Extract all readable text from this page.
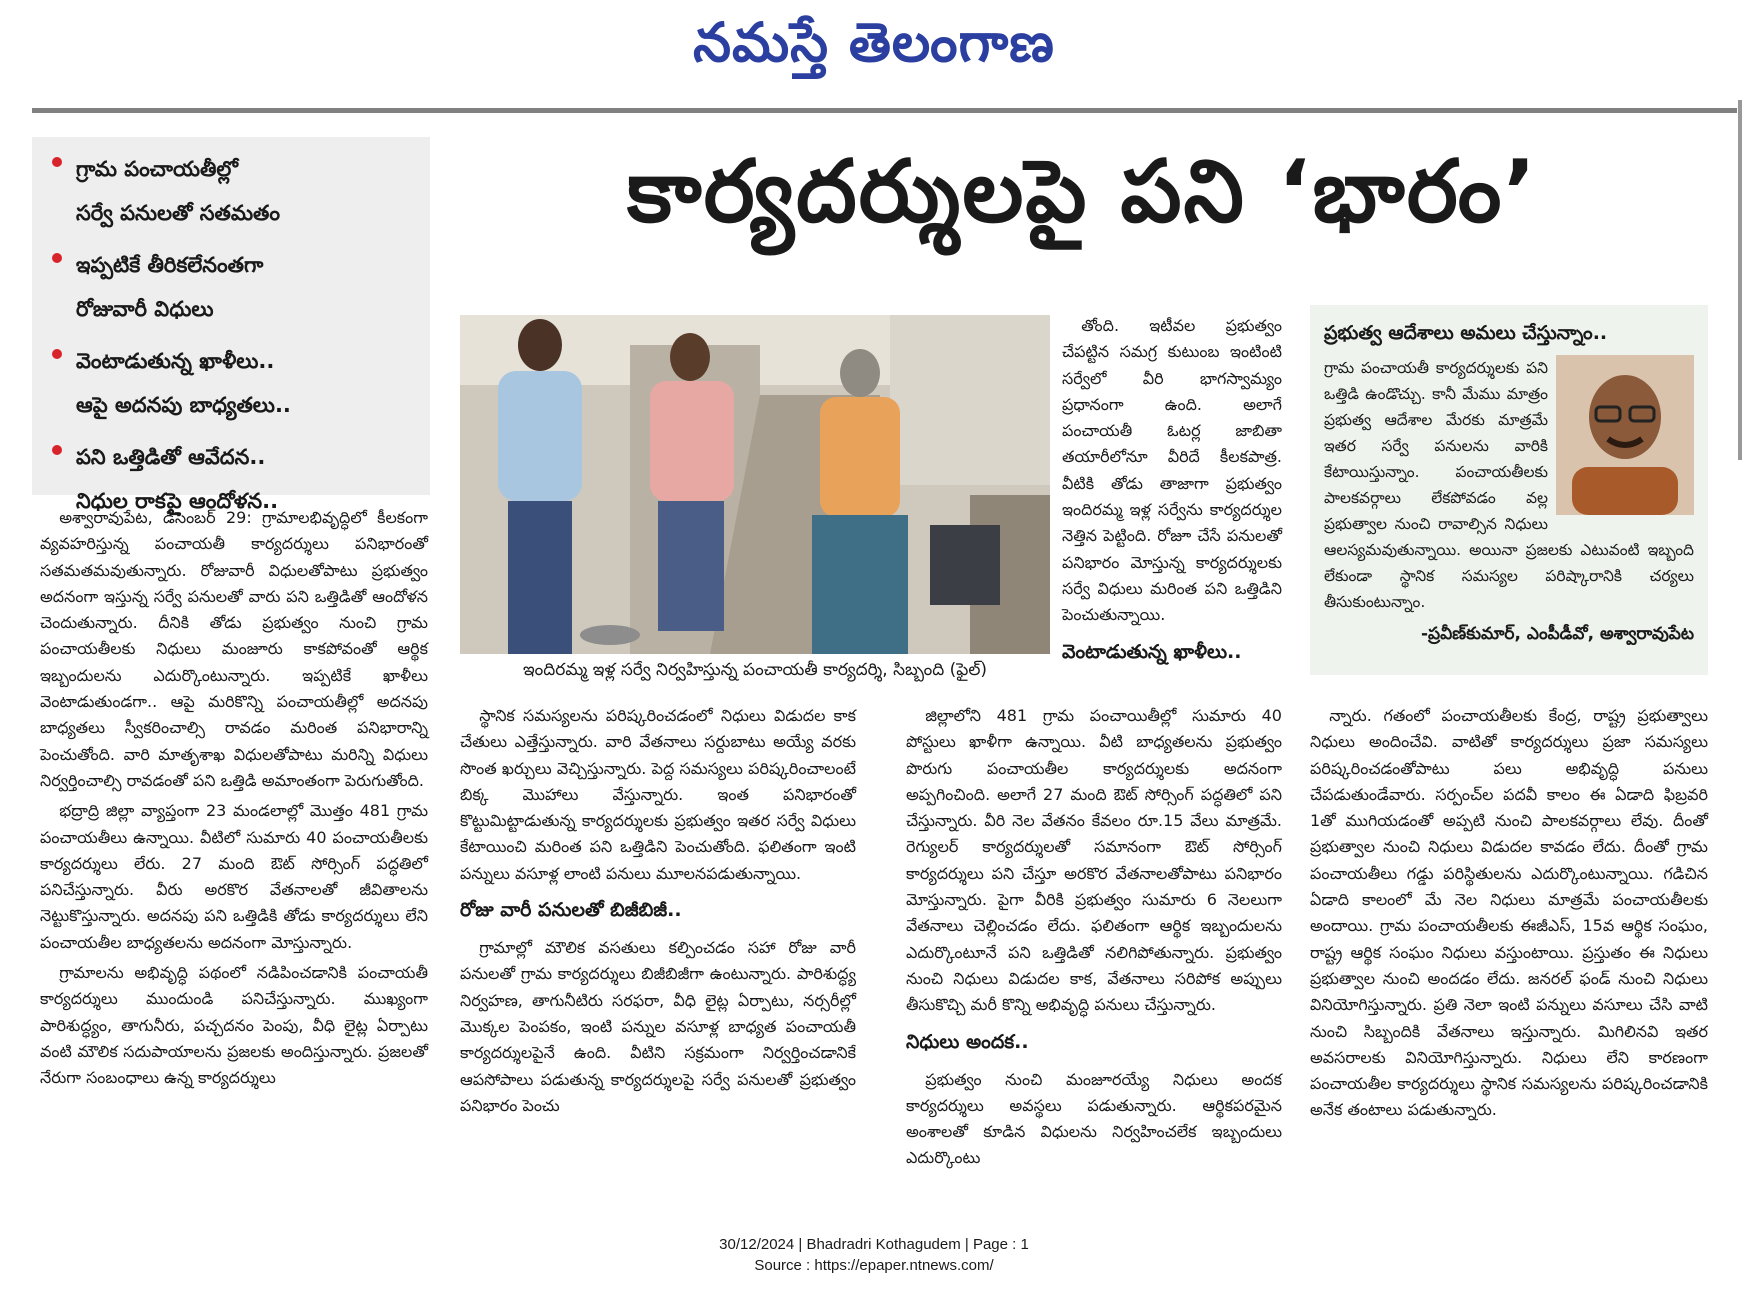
నమస్తే తెలంగాణ
గ్రామ పంచాయతీల్లో
సర్వే పనులతో సతమతం
ఇప్పటికే తీరికలేనంతగా
రోజువారీ విధులు
వెంటాడుతున్న ఖాళీలు..
ఆపై అదనపు బాధ్యతలు..
పని ఒత్తిడితో ఆవేదన..
నిధుల రాకపై ఆందోళన..
కార్యదర్శులపై పని ‘భారం’
ఇందిరమ్మ ఇళ్ల సర్వే నిర్వహిస్తున్న పంచాయతీ కార్యదర్శి, సిబ్బంది (ఫైల్)

అశ్వారావుపేట, డిసెంబర్ 29: గ్రామాలభివృద్ధిలో కీలకంగా వ్యవహరిస్తున్న పంచాయతీ కార్యదర్శులు పనిభారంతో సతమతమవుతున్నారు. రోజువారీ విధులతోపాటు ప్రభుత్వం అదనంగా ఇస్తున్న సర్వే పనులతో వారు పని ఒత్తిడితో ఆందోళన చెందుతున్నారు. దీనికి తోడు ప్రభుత్వం నుంచి గ్రామ పంచాయతీలకు నిధులు మంజూరు కాకపోవంతో ఆర్థిక ఇబ్బందులను ఎదుర్కొంటున్నారు. ఇప్పటికే ఖాళీలు వెంటాడుతుండగా.. ఆపై మరికొన్ని పంచాయతీల్లో అదనపు బాధ్యతలు స్వీకరించాల్సి రావడం మరింత పనిభారాన్ని పెంచుతోంది. వారి మాతృశాఖ విధులతోపాటు మరిన్ని విధులు నిర్వర్తించాల్సి రావడంతో పని ఒత్తిడి అమాంతంగా పెరుగుతోంది.

భద్రాద్రి జిల్లా వ్యాప్తంగా 23 మండలాల్లో మొత్తం 481 గ్రామ పంచాయతీలు ఉన్నాయి. వీటిలో సుమారు 40 పంచాయతీలకు కార్యదర్శులు లేరు. 27 మంది ఔట్ సోర్సింగ్ పద్ధతిలో పనిచేస్తున్నారు. వీరు అరకొర వేతనాలతో జీవితాలను నెట్టుకొస్తున్నారు. అదనపు పని ఒత్తిడికి తోడు కార్యదర్శులు లేని పంచాయతీల బాధ్యతలను అదనంగా మోస్తున్నారు.

గ్రామాలను అభివృద్ధి పథంలో నడిపించడానికి పంచాయతీ కార్యదర్శులు ముందుండి పనిచేస్తున్నారు. ముఖ్యంగా పారిశుద్ధ్యం, తాగునీరు, పచ్చదనం పెంపు, వీధి లైట్ల ఏర్పాటు వంటి మౌలిక సదుపాయాలను ప్రజలకు అందిస్తున్నారు. ప్రజలతో నేరుగా సంబంధాలు ఉన్న కార్యదర్శులు

స్థానిక సమస్యలను పరిష్కరించడంలో నిధులు విడుదల కాక చేతులు ఎత్తేస్తున్నారు. వారి వేతనాలు సర్దుబాటు అయ్యే వరకు సొంత ఖర్చులు వెచ్చిస్తున్నారు. పెద్ద సమస్యలు పరిష్కరించాలంటే బిక్క మొహాలు వేస్తున్నారు. ఇంత పనిభారంతో కొట్టుమిట్టాడుతున్న కార్యదర్శులకు ప్రభుత్వం ఇతర సర్వే విధులు కేటాయించి మరింత పని ఒత్తిడిని పెంచుతోంది. ఫలితంగా ఇంటి పన్నులు వసూళ్ల లాంటి పనులు మూలనపడుతున్నాయి.

రోజు వారీ పనులతో బిజీబిజీ..

గ్రామాల్లో మౌలిక వసతులు కల్పించడం సహా రోజు వారీ పనులతో గ్రామ కార్యదర్శులు బిజీబిజీగా ఉంటున్నారు. పారిశుద్ధ్య నిర్వహణ, తాగునీటిరు సరఫరా, వీధి లైట్ల ఏర్పాటు, నర్సరీల్లో మొక్కల పెంపకం, ఇంటి పన్నుల వసూళ్ల బాధ్యత పంచాయతీ కార్యదర్శులపైనే ఉంది. వీటిని సక్రమంగా నిర్వర్తించడానికే ఆపసోపాలు పడుతున్న కార్యదర్శులపై సర్వే పనులతో ప్రభుత్వం పనిభారం పెంచు

జిల్లాలోని 481 గ్రామ పంచాయితీల్లో సుమారు 40 పోస్టులు ఖాళీగా ఉన్నాయి. వీటి బాధ్యతలను ప్రభుత్వం పొరుగు పంచాయతీల కార్యదర్శులకు అదనంగా అప్పగించింది. అలాగే 27 మంది ఔట్ సోర్సింగ్ పద్ధతిలో పని చేస్తున్నారు. వీరి నెల వేతనం కేవలం రూ.15 వేలు మాత్రమే. రెగ్యులర్ కార్యదర్శులతో సమానంగా ఔట్ సోర్సింగ్ కార్యదర్శులు పని చేస్తూ అరకొర వేతనాలతోపాటు పనిభారం మోస్తున్నారు. పైగా వీరికి ప్రభుత్వం సుమారు 6 నెలలుగా వేతనాలు చెల్లించడం లేదు. ఫలితంగా ఆర్థిక ఇబ్బందులను ఎదుర్కొంటూనే పని ఒత్తిడితో నలిగిపోతున్నారు. ప్రభుత్వం నుంచి నిధులు విడుదల కాక, వేతనాలు సరిపోక అప్పులు తీసుకొచ్చి మరీ కొన్ని అభివృద్ధి పనులు చేస్తున్నారు.

నిధులు అందక..

ప్రభుత్వం నుంచి మంజూరయ్యే నిధులు అందక కార్యదర్శులు అవస్థలు పడుతున్నారు. ఆర్థికపరమైన అంశాలతో కూడిన విధులను నిర్వహించలేక ఇబ్బందులు ఎదుర్కొంటు

తోంది. ఇటీవల ప్రభుత్వం చేపట్టిన సమగ్ర కుటుంబ ఇంటింటి సర్వేలో వీరి భాగస్వామ్యం ప్రధానంగా ఉంది. అలాగే పంచాయతీ ఓటర్ల జాబితా తయారీలోనూ వీరిదే కీలకపాత్ర. వీటికి తోడు తాజాగా ప్రభుత్వం ఇందిరమ్మ ఇళ్ల సర్వేను కార్యదర్శుల నెత్తిన పెట్టింది. రోజూ చేసే పనులతో పనిభారం మోస్తున్న కార్యదర్శులకు సర్వే విధులు మరింత పని ఒత్తిడిని పెంచుతున్నాయి.

వెంటాడుతున్న ఖాళీలు..
ప్రభుత్వ ఆదేశాలు అమలు చేస్తున్నాం..
గ్రామ పంచాయతీ కార్యదర్శులకు పని ఒత్తిడి ఉండొచ్చు. కానీ మేము మాత్రం ప్రభుత్వ ఆదేశాల మేరకు మాత్రమే ఇతర సర్వే పనులను వారికి కేటాయిస్తున్నాం. పంచాయతీలకు పాలకవర్గాలు లేకపోవడం వల్ల ప్రభుత్వాల నుంచి రావాల్సిన నిధులు ఆలస్యమవుతున్నాయి. అయినా ప్రజలకు ఎటువంటి ఇబ్బంది లేకుండా స్థానిక సమస్యల పరిష్కారానికి చర్యలు తీసుకుంటున్నాం.
-ప్రవీణ్‌కుమార్, ఎంపీడీవో, అశ్వారావుపేట

న్నారు. గతంలో పంచాయతీలకు కేంద్ర, రాష్ట్ర ప్రభుత్వాలు నిధులు అందించేవి. వాటితో కార్యదర్శులు ప్రజా సమస్యలు పరిష్కరించడంతోపాటు పలు అభివృద్ధి పనులు చేపడుతుండేవారు. సర్పంచ్‌ల పదవీ కాలం ఈ ఏడాది ఫిబ్రవరి 1తో ముగియడంతో అప్పటి నుంచి పాలకవర్గాలు లేవు. దీంతో ప్రభుత్వాల నుంచి నిధులు విడుదల కావడం లేదు. దీంతో గ్రామ పంచాయతీలు గడ్డు పరిస్థితులను ఎదుర్కొంటున్నాయి. గడిచిన ఏడాది కాలంలో మే నెల నిధులు మాత్రమే పంచాయతీలకు అందాయి. గ్రామ పంచాయతీలకు ఈజీఎస్, 15వ ఆర్థిక సంఘం, రాష్ట్ర ఆర్థిక సంఘం నిధులు వస్తుంటాయి. ప్రస్తుతం ఈ నిధులు ప్రభుత్వాల నుంచి అందడం లేదు. జనరల్ ఫండ్ నుంచి నిధులు వినియోగిస్తున్నారు. ప్రతి నెలా ఇంటి పన్నులు వసూలు చేసి వాటి నుంచి సిబ్బందికి వేతనాలు ఇస్తున్నారు. మిగిలినవి ఇతర అవసరాలకు వినియోగిస్తున్నారు. నిధులు లేని కారణంగా పంచాయతీల కార్యదర్శులు స్థానిక సమస్యలను పరిష్కరించడానికి అనేక తంటాలు పడుతున్నారు.

30/12/2024 | Bhadradri Kothagudem | Page : 1
Source : https://epaper.ntnews.com/
